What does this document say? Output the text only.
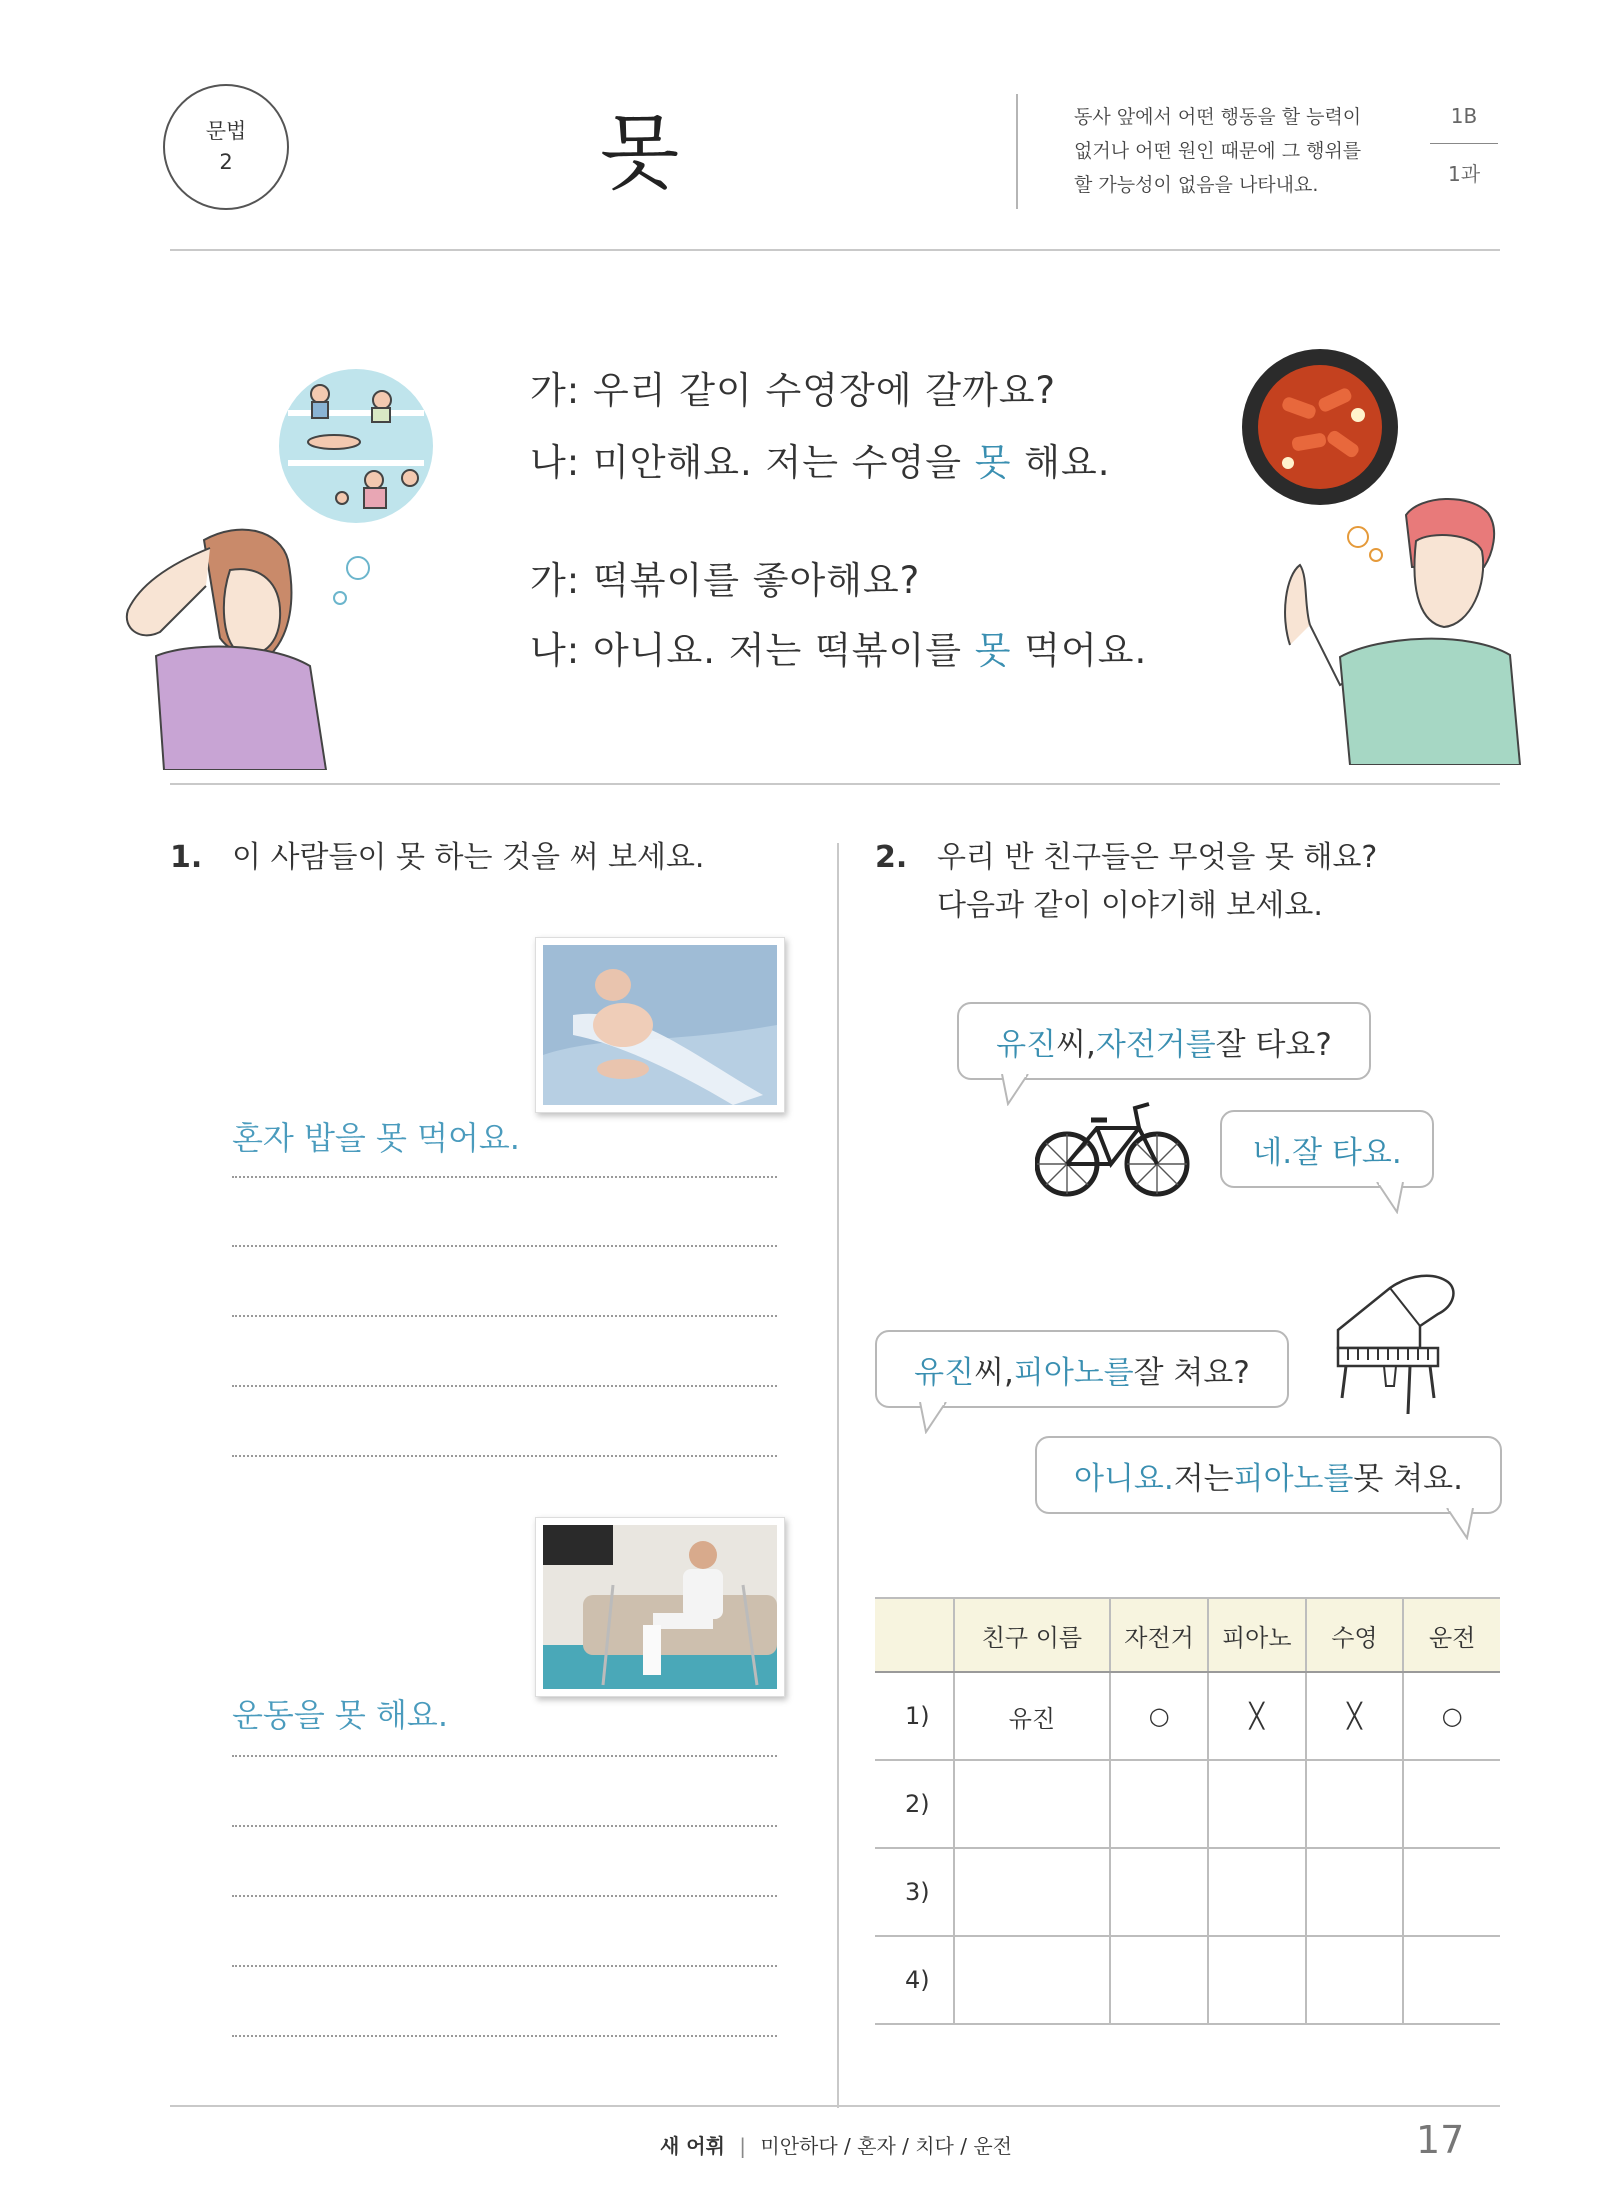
문법
2	못	동사 앞에서 어떤 행동을 할 능력이
없거나 어떤 원인 때문에 그 행위를
할 가능성이 없음을 나타내요.
1B
1과
가: 우리 같이 수영장에 갈까요?
나: 미안해요. 저는 수영을 못 해요.
가: 떡볶이를 좋아해요?
나: 아니요. 저는 떡볶이를 못 먹어요.
1. 이 사람들이 못 하는 것을 써 보세요.
혼자 밥을 못 먹어요.
운동을 못 해요.
2. 우리 반 친구들은 무엇을 못 해요?
다음과 같이 이야기해 보세요.
유진 씨, 자전거를 잘 타요?
네. 잘 타요.
유진 씨, 피아노를 잘 쳐요?
아니요. 저는 피아노를 못 쳐요.
	친구 이름	자전거	피아노	수영	운전
1)	유진	○	╳	╳	○
2)					
3)					
4)					
새 어휘 | 미안하다 / 혼자 / 치다 / 운전	17
